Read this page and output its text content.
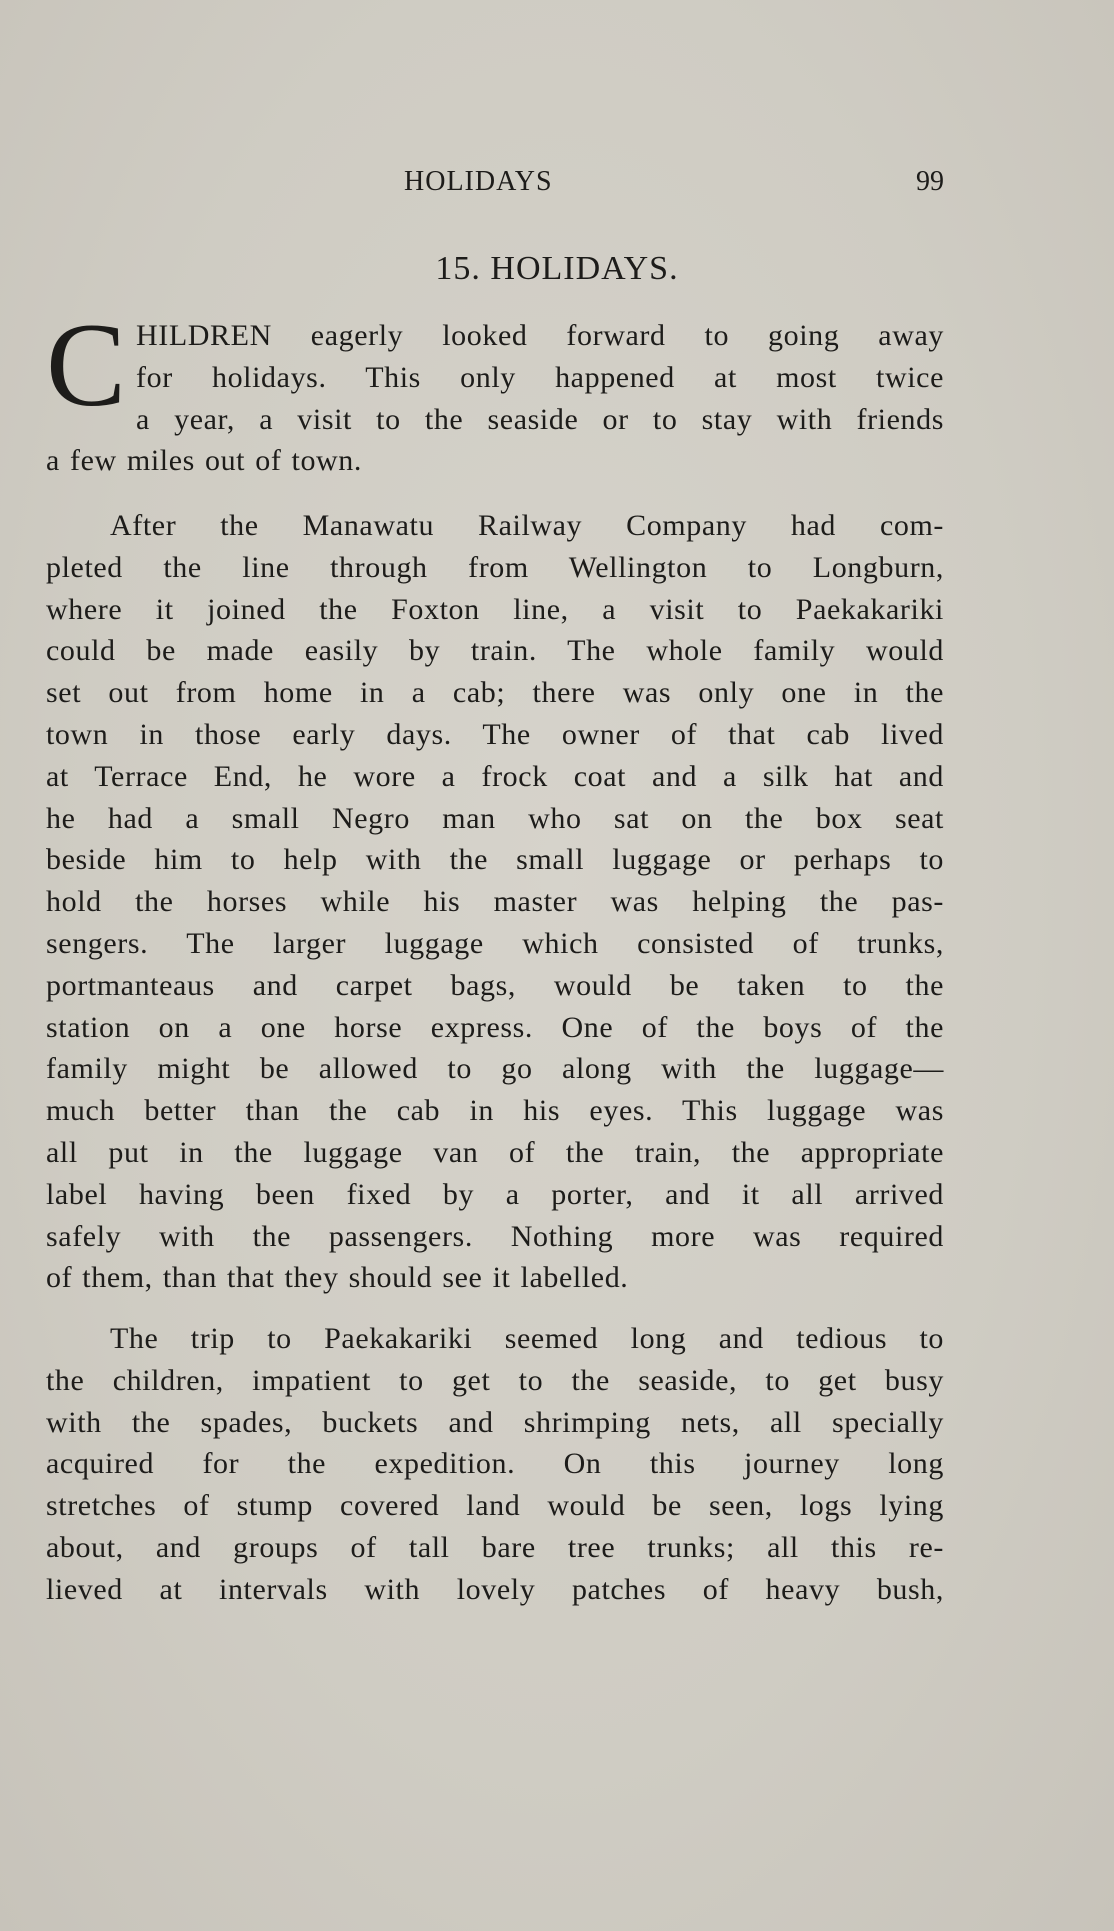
HOLIDAYS	99
15. HOLIDAYS.
C HILDREN eagerly looked forward to going away
for holidays. This only happened at most twice
a year, a visit to the seaside or to stay with friends
a few miles out of town.
After the Manawatu Railway Company had com-
pleted the line through from Wellington to Longburn,
where it joined the Foxton line, a visit to Paekakariki
could be made easily by train. The whole family would
set out from home in a cab; there was only one in the
town in those early days. The owner of that cab lived
at Terrace End, he wore a frock coat and a silk hat and
he had a small Negro man who sat on the box seat
beside him to help with the small luggage or perhaps to
hold the horses while his master was helping the pas-
sengers. The larger luggage which consisted of trunks,
portmanteaus and carpet bags, would be taken to the
station on a one horse express. One of the boys of the
family might be allowed to go along with the luggage—
much better than the cab in his eyes. This luggage was
all put in the luggage van of the train, the appropriate
label having been fixed by a porter, and it all arrived
safely with the passengers. Nothing more was required
of them, than that they should see it labelled.
The trip to Paekakariki seemed long and tedious to
the children, impatient to get to the seaside, to get busy
with the spades, buckets and shrimping nets, all specially
acquired for the expedition. On this journey long
stretches of stump covered land would be seen, logs lying
about, and groups of tall bare tree trunks; all this re-
lieved at intervals with lovely patches of heavy bush,
